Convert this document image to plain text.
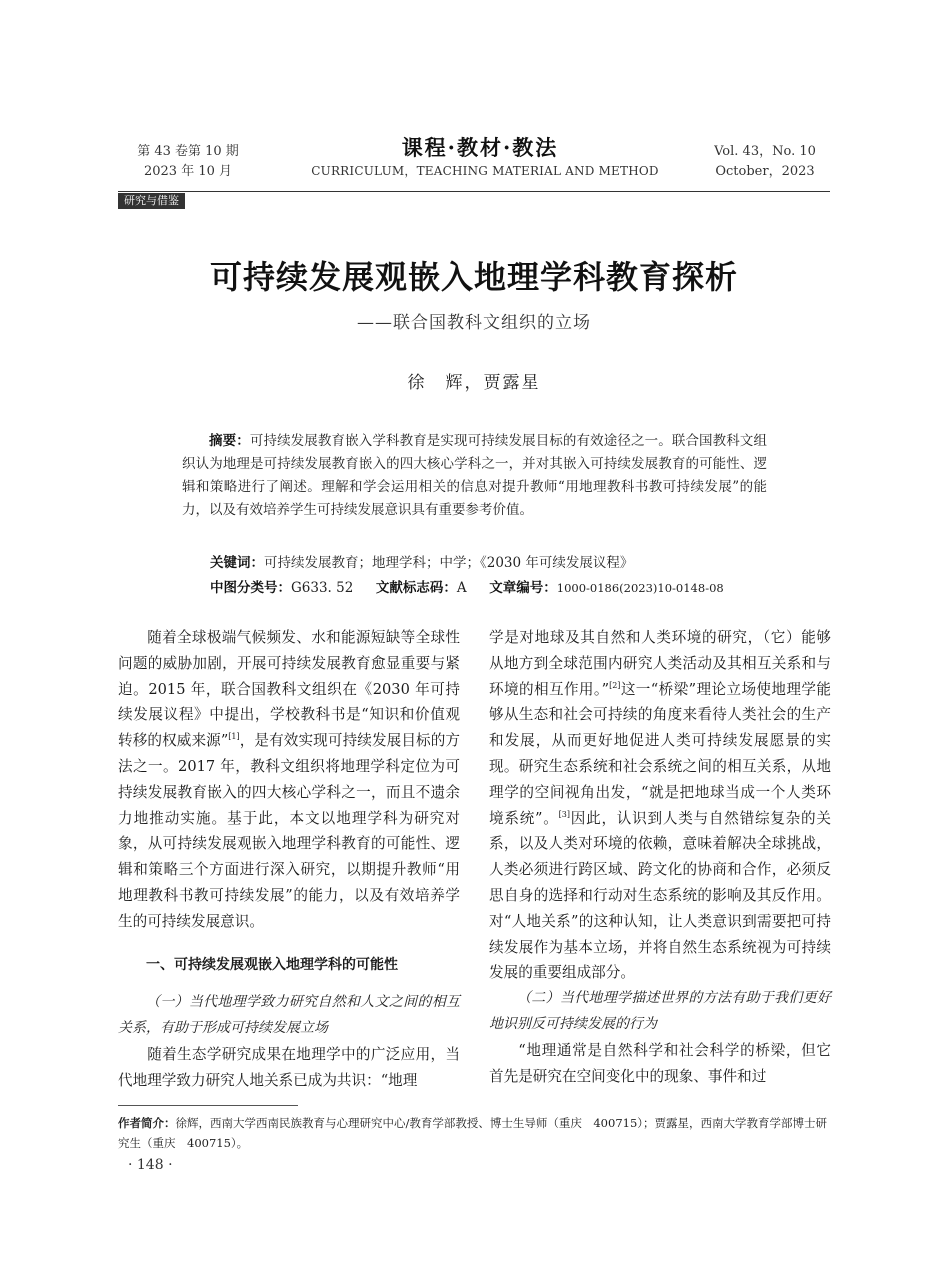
第 43 卷第 10 期
2023 年 10 月
课程·教材·教法
CURRICULUM，TEACHING MATERIAL AND METHOD
Vol. 43，No. 10
October，2023
研究与借鉴
可持续发展观嵌入地理学科教育探析
——联合国教科文组织的立场
徐　辉，贾露星
摘要：可持续发展教育嵌入学科教育是实现可持续发展目标的有效途径之一。联合国教科文组织认为地理是可持续发展教育嵌入的四大核心学科之一，并对其嵌入可持续发展教育的可能性、逻辑和策略进行了阐述。理解和学会运用相关的信息对提升教师“用地理教科书教可持续发展”的能力，以及有效培养学生可持续发展意识具有重要参考价值。
关键词：可持续发展教育；地理学科；中学；《2030 年可续发展议程》
中图分类号：G633. 52 文献标志码：A 文章编号：1000-0186(2023)10-0148-08

随着全球极端气候频发、水和能源短缺等全球性问题的威胁加剧，开展可持续发展教育愈显重要与紧迫。2015 年，联合国教科文组织在《2030 年可持续发展议程》中提出，学校教科书是“知识和价值观转移的权威来源”[1]，是有效实现可持续发展目标的方法之一。2017 年，教科文组织将地理学科定位为可持续发展教育嵌入的四大核心学科之一，而且不遗余力地推动实施。基于此，本文以地理学科为研究对象，从可持续发展观嵌入地理学科教育的可能性、逻辑和策略三个方面进行深入研究，以期提升教师“用地理教科书教可持续发展”的能力，以及有效培养学生的可持续发展意识。

一、可持续发展观嵌入地理学科的可能性
（一）当代地理学致力研究自然和人文之间的相互关系，有助于形成可持续发展立场

随着生态学研究成果在地理学中的广泛应用，当代地理学致力研究人地关系已成为共识：“地理

学是对地球及其自然和人类环境的研究，（它）能够从地方到全球范围内研究人类活动及其相互关系和与环境的相互作用。”[2]这一“桥梁”理论立场使地理学能够从生态和社会可持续的角度来看待人类社会的生产和发展，从而更好地促进人类可持续发展愿景的实现。研究生态系统和社会系统之间的相互关系，从地理学的空间视角出发，“就是把地球当成一个人类环境系统”。[3]因此，认识到人类与自然错综复杂的关系，以及人类对环境的依赖，意味着解决全球挑战，人类必须进行跨区域、跨文化的协商和合作，必须反思自身的选择和行动对生态系统的影响及其反作用。对“人地关系”的这种认知，让人类意识到需要把可持续发展作为基本立场，并将自然生态系统视为可持续发展的重要组成部分。

（二）当代地理学描述世界的方法有助于我们更好地识别反可持续发展的行为

“地理通常是自然科学和社会科学的桥梁，但它首先是研究在空间变化中的现象、事件和过

作者简介：徐辉，西南大学西南民族教育与心理研究中心/教育学部教授、博士生导师（重庆　400715）；贾露星，西南大学教育学部博士研究生（重庆　400715）。
· 148 ·
